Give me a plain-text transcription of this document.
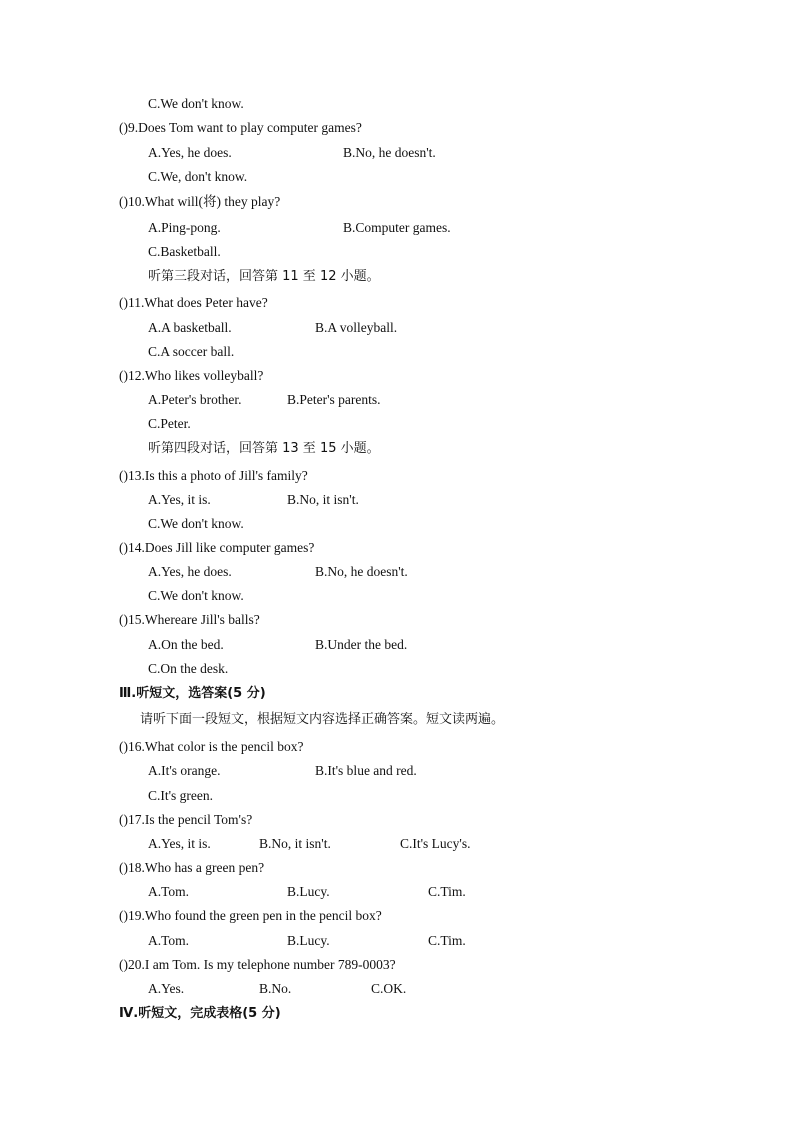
C.We don't know.
()9.Does Tom want to play computer games?
A.Yes, he does.	B.No, he doesn't.
C.We, don't know.
()10.What will(将) they play?
A.Ping-pong.	B.Computer games.
C.Basketball.
听第三段对话，回答第 11 至 12 小题。
()11.What does Peter have?
A.A basketball.	B.A volleyball.
C.A soccer ball.
()12.Who likes volleyball?
A.Peter's brother.	B.Peter's parents.
C.Peter.
听第四段对话，回答第 13 至 15 小题。
()13.Is this a photo of Jill's family?
A.Yes, it is.	B.No, it isn't.
C.We don't know.
()14.Does Jill like computer games?
A.Yes, he does.	B.No, he doesn't.
C.We don't know.
()15.Whereare Jill's balls?
A.On the bed.	B.Under the bed.
C.On the desk.
Ⅲ.听短文，选答案(5 分)
请听下面一段短文，根据短文内容选择正确答案。短文读两遍。
()16.What color is the pencil box?
A.It's orange.	B.It's blue and red.
C.It's green.
()17.Is the pencil Tom's?
A.Yes, it is.	B.No, it isn't.	C.It's Lucy's.
()18.Who has a green pen?
A.Tom.	B.Lucy.	C.Tim.
()19.Who found the green pen in the pencil box?
A.Tom.	B.Lucy.	C.Tim.
()20.I am Tom. Is my telephone number 789-0003?
A.Yes.	B.No.	C.OK.
Ⅳ.听短文，完成表格(5 分)
